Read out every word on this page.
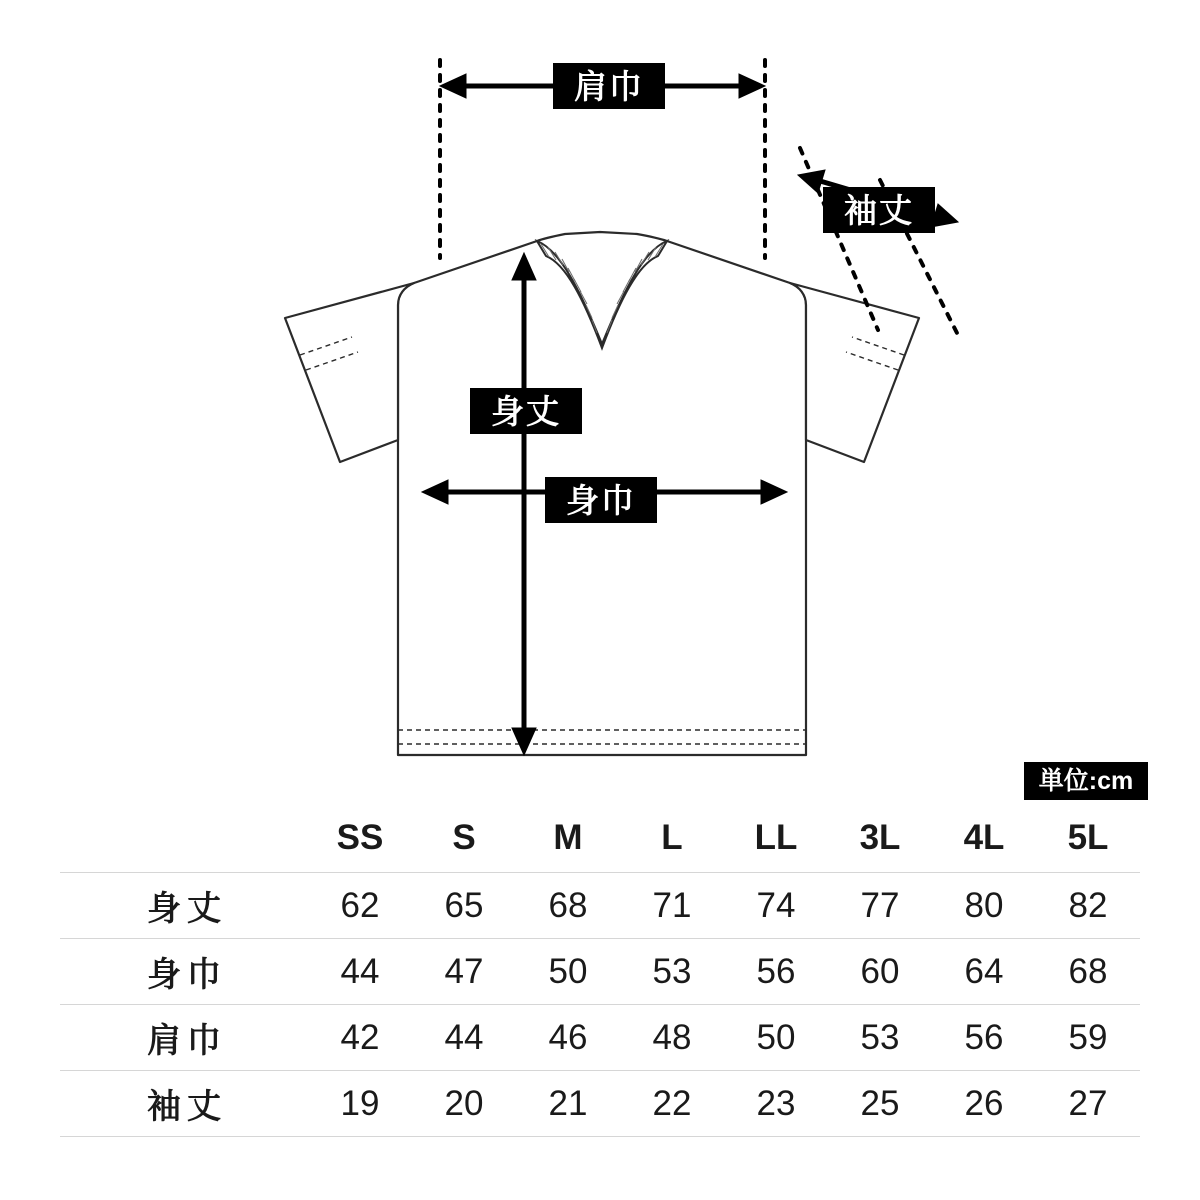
肩巾
袖丈
身丈
身巾
単位:cm
	SS	S	M	L	LL	3L	4L	5L
身丈	62	65	68	71	74	77	80	82
身巾	44	47	50	53	56	60	64	68
肩巾	42	44	46	48	50	53	56	59
袖丈	19	20	21	22	23	25	26	27
